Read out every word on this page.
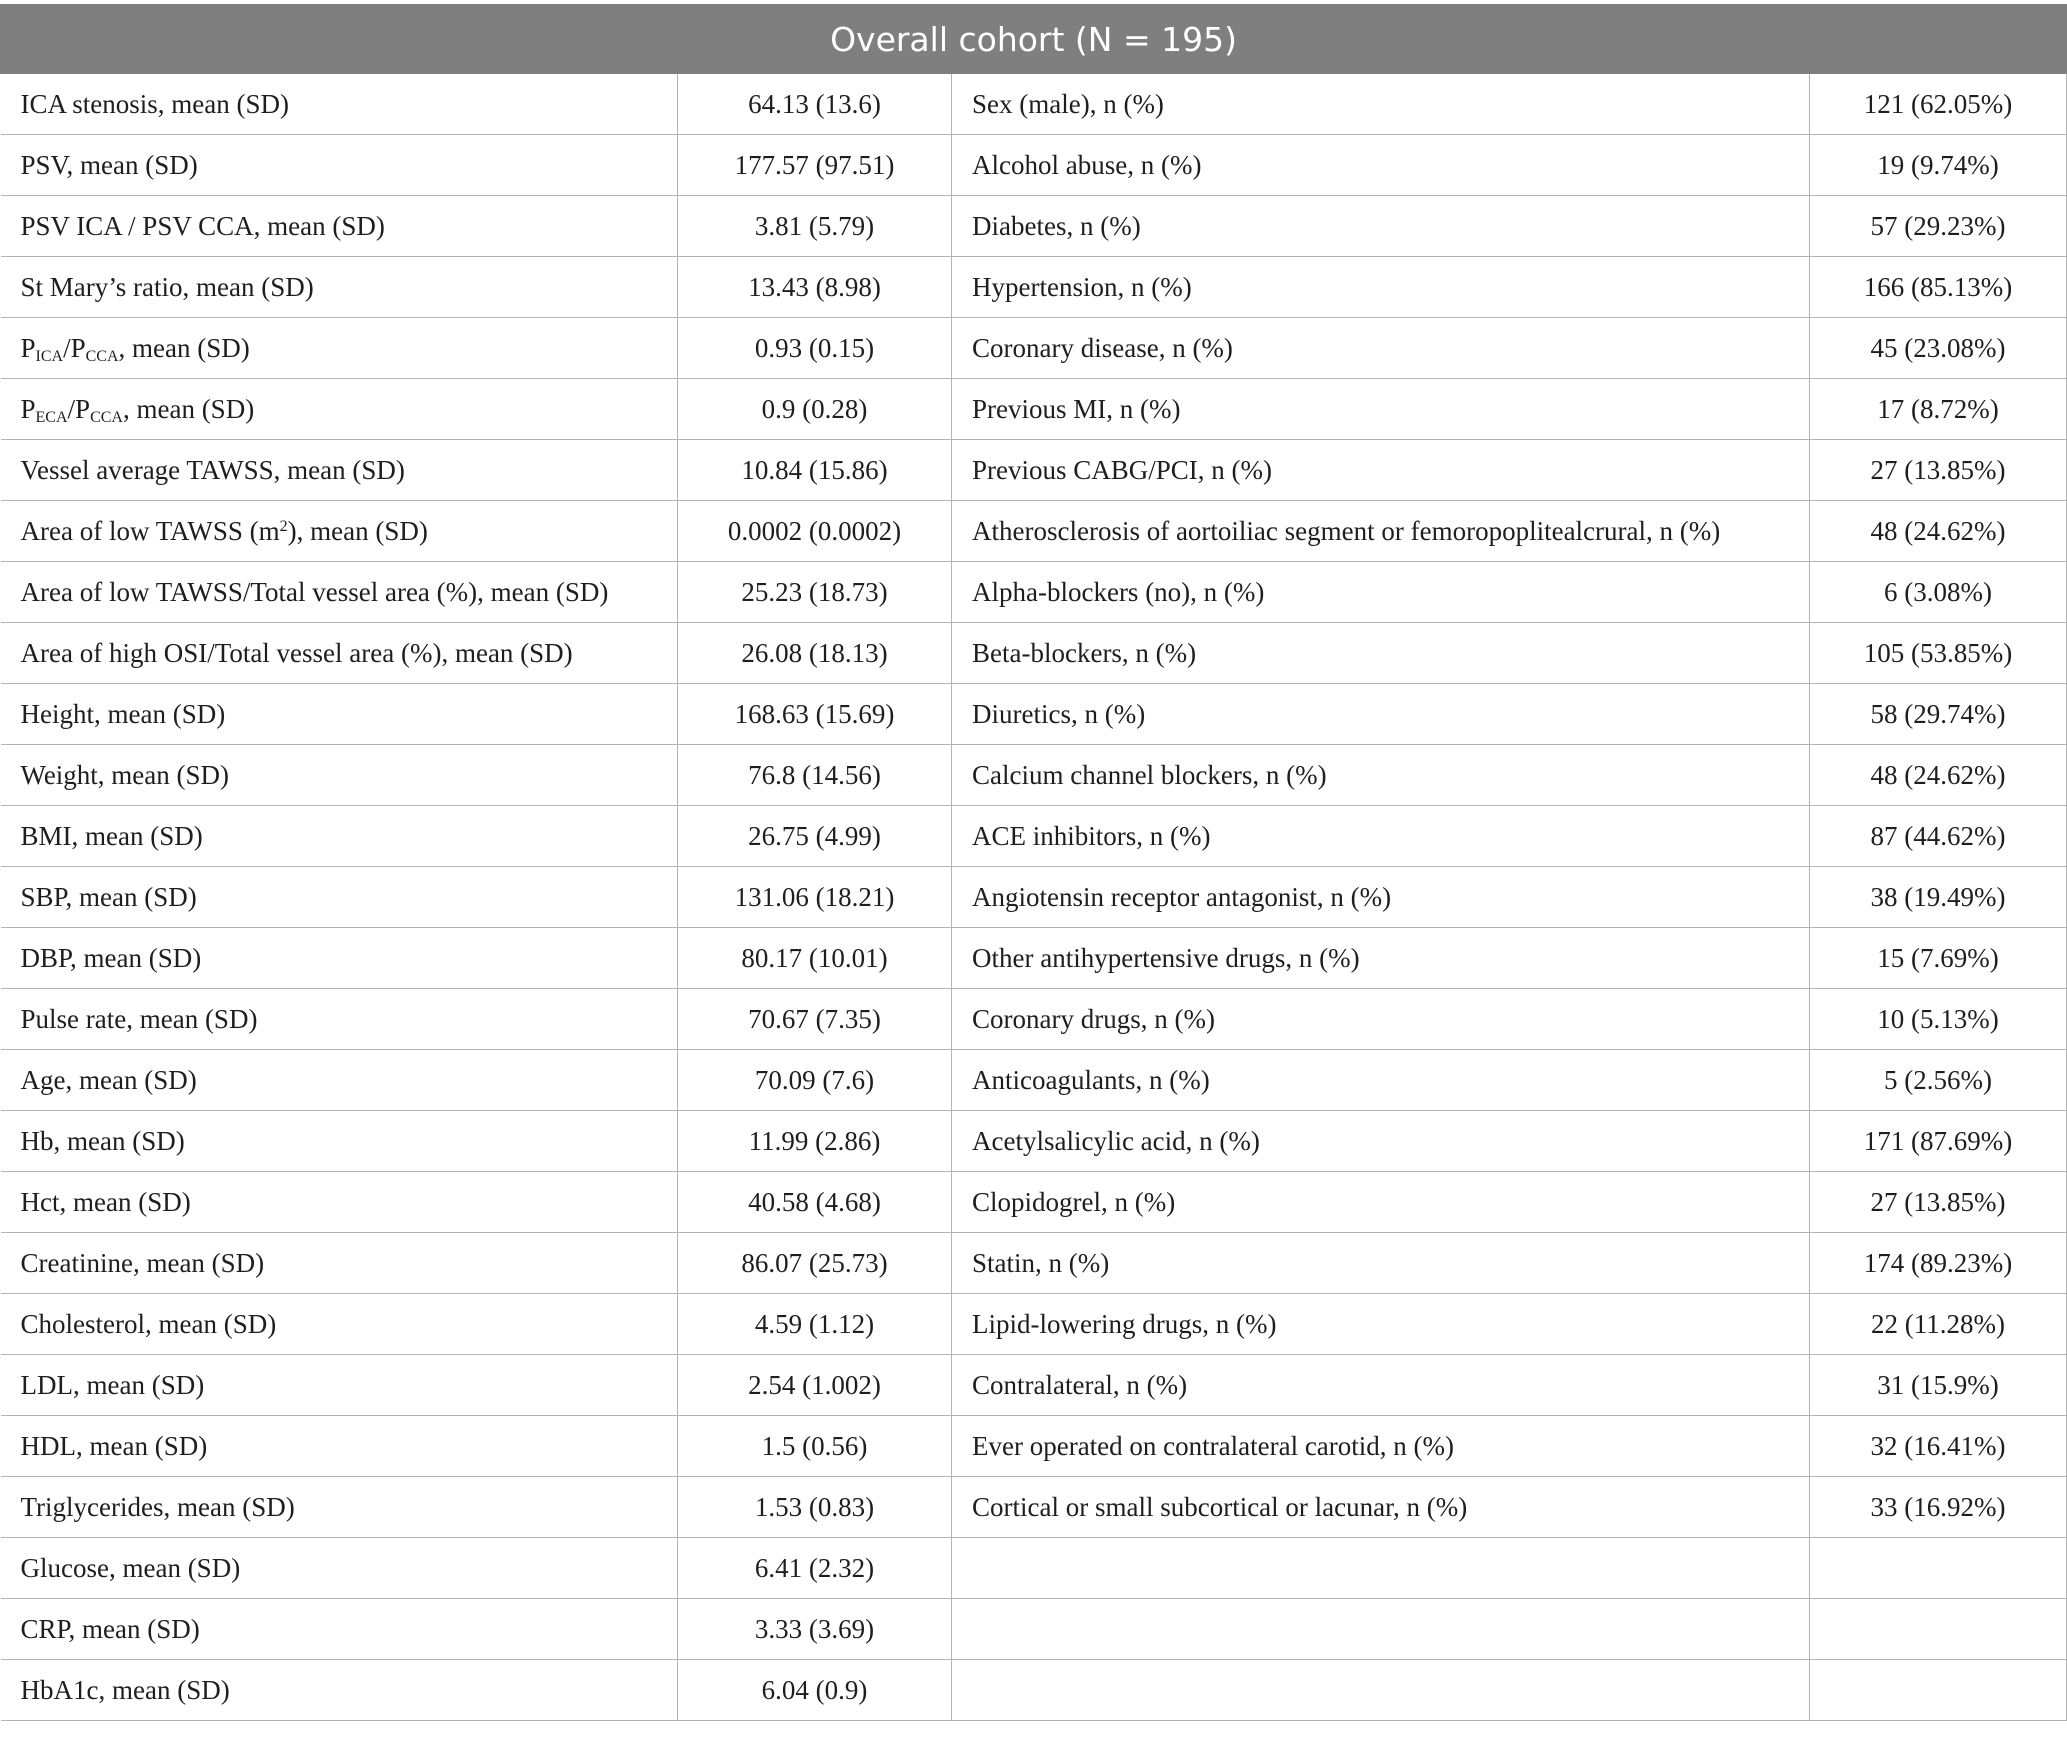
Overall cohort (N = 195)			
ICA stenosis, mean (SD)	64.13 (13.6)	Sex (male), n (%)	121 (62.05%)
PSV, mean (SD)	177.57 (97.51)	Alcohol abuse, n (%)	19 (9.74%)
PSV ICA / PSV CCA, mean (SD)	3.81 (5.79)	Diabetes, n (%)	57 (29.23%)
St Mary’s ratio, mean (SD)	13.43 (8.98)	Hypertension, n (%)	166 (85.13%)
PICA/PCCA, mean (SD)	0.93 (0.15)	Coronary disease, n (%)	45 (23.08%)
PECA/PCCA, mean (SD)	0.9 (0.28)	Previous MI, n (%)	17 (8.72%)
Vessel average TAWSS, mean (SD)	10.84 (15.86)	Previous CABG/PCI, n (%)	27 (13.85%)
Area of low TAWSS $(m^2)$, mean (SD)	0.0002 (0.0002)	Atherosclerosis of aortoiliac segment or femoropoplitealcrural, n (%)	48 (24.62%)
Area of low TAWSS/Total vessel area (%), mean (SD)	25.23 (18.73)	Alpha-blockers (no), n (%)	6 (3.08%)
Area of high OSI/Total vessel area (%), mean (SD)	26.08 (18.13)	Beta-blockers, n (%)	105 (53.85%)
Height, mean (SD)	168.63 (15.69)	Diuretics, n (%)	58 (29.74%)
Weight, mean (SD)	76.8 (14.56)	Calcium channel blockers, n (%)	48 (24.62%)
BMI, mean (SD)	26.75 (4.99)	ACE inhibitors, n (%)	87 (44.62%)
SBP, mean (SD)	131.06 (18.21)	Angiotensin receptor antagonist, n (%)	38 (19.49%)
DBP, mean (SD)	80.17 (10.01)	Other antihypertensive drugs, n (%)	15 (7.69%)
Pulse rate, mean (SD)	70.67 (7.35)	Coronary drugs, n (%)	10 (5.13%)
Age, mean (SD)	70.09 (7.6)	Anticoagulants, n (%)	5 (2.56%)
Hb, mean (SD)	11.99 (2.86)	Acetylsalicylic acid, n (%)	171 (87.69%)
Hct, mean (SD)	40.58 (4.68)	Clopidogrel, n (%)	27 (13.85%)
Creatinine, mean (SD)	86.07 (25.73)	Statin, n (%)	174 (89.23%)
Cholesterol, mean (SD)	4.59 (1.12)	Lipid-lowering drugs, n (%)	22 (11.28%)
LDL, mean (SD)	2.54 (1.002)	Contralateral, n (%)	31 (15.9%)
HDL, mean (SD)	1.5 (0.56)	Ever operated on contralateral carotid, n (%)	32 (16.41%)
Triglycerides, mean (SD)	1.53 (0.83)	Cortical or small subcortical or lacunar, n (%)	33 (16.92%)
Glucose, mean (SD)	6.41 (2.32)		
CRP, mean (SD)	3.33 (3.69)		
HbA1c, mean (SD)	6.04 (0.9)		
